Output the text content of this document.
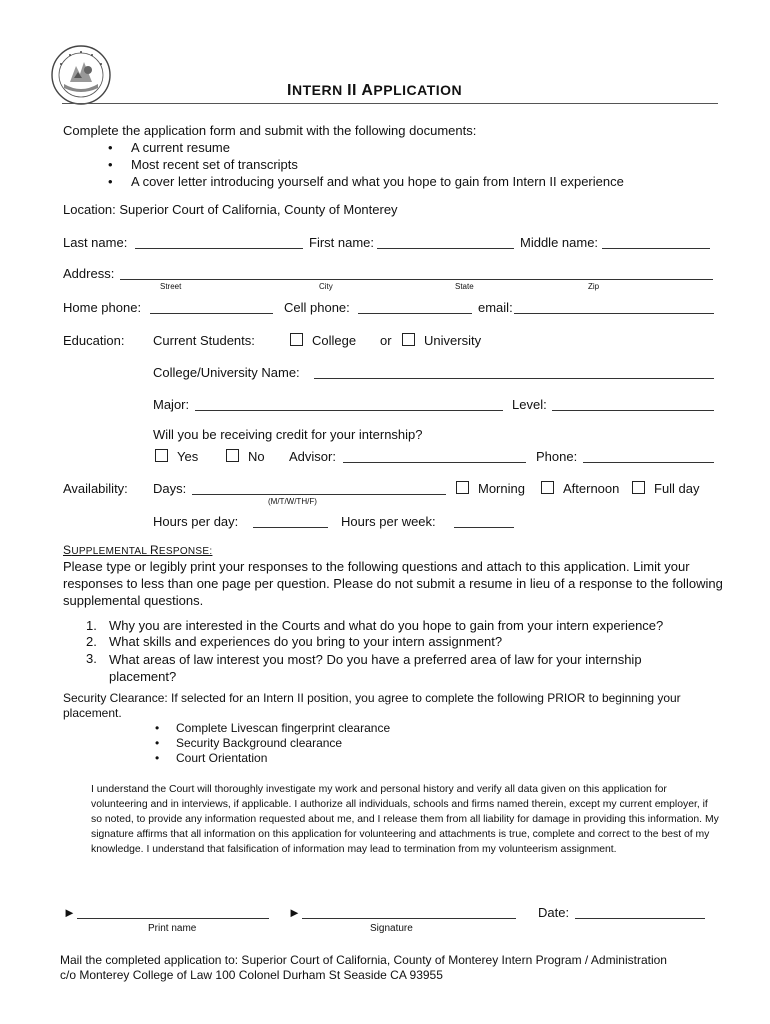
INTERN II APPLICATION
Complete the application form and submit with the following documents:
• A current resume
• Most recent set of transcripts
• A cover letter introducing yourself and what you hope to gain from Intern II experience
Location: Superior Court of California, County of Monterey
Last name:	First name:	Middle name:
Address:
Street	City	State	Zip
Home phone:	Cell phone:	email:
Education: Current Students:	College or University
College/University Name:
Major:	Level:
Will you be receiving credit for your internship?
Yes	No Advisor:	Phone:
Availability: Days:
(M/T/W/TH/F)
Morning	Afternoon	Full day
Hours per day:	Hours per week:
SUPPLEMENTAL RESPONSE:
Please type or legibly print your responses to the following questions and attach to this application. Limit your responses to less than one page per question. Please do not submit a resume in lieu of a response to the following supplemental questions.
1. Why you are interested in the Courts and what do you hope to gain from your intern experience?
2. What skills and experiences do you bring to your intern assignment?
3. What areas of law interest you most? Do you have a preferred area of law for your internship placement?
Security Clearance: If selected for an Intern II position, you agree to complete the following PRIOR to beginning your placement.
• Complete Livescan fingerprint clearance
• Security Background clearance
• Court Orientation
I understand the Court will thoroughly investigate my work and personal history and verify all data given on this application for volunteering and in interviews, if applicable. I authorize all individuals, schools and firms named therein, except my current employer, if so noted, to provide any information requested about me, and I release them from all liability for damage in providing this information. My signature affirms that all information on this application for volunteering and attachments is true, complete and correct to the best of my knowledge. I understand that falsification of information may lead to termination from my volunteerism assignment.
►
Print name
►
Signature
Date:
Mail the completed application to: Superior Court of California, County of Monterey Intern Program / Administration
c/o Monterey College of Law 100 Colonel Durham St Seaside CA 93955
